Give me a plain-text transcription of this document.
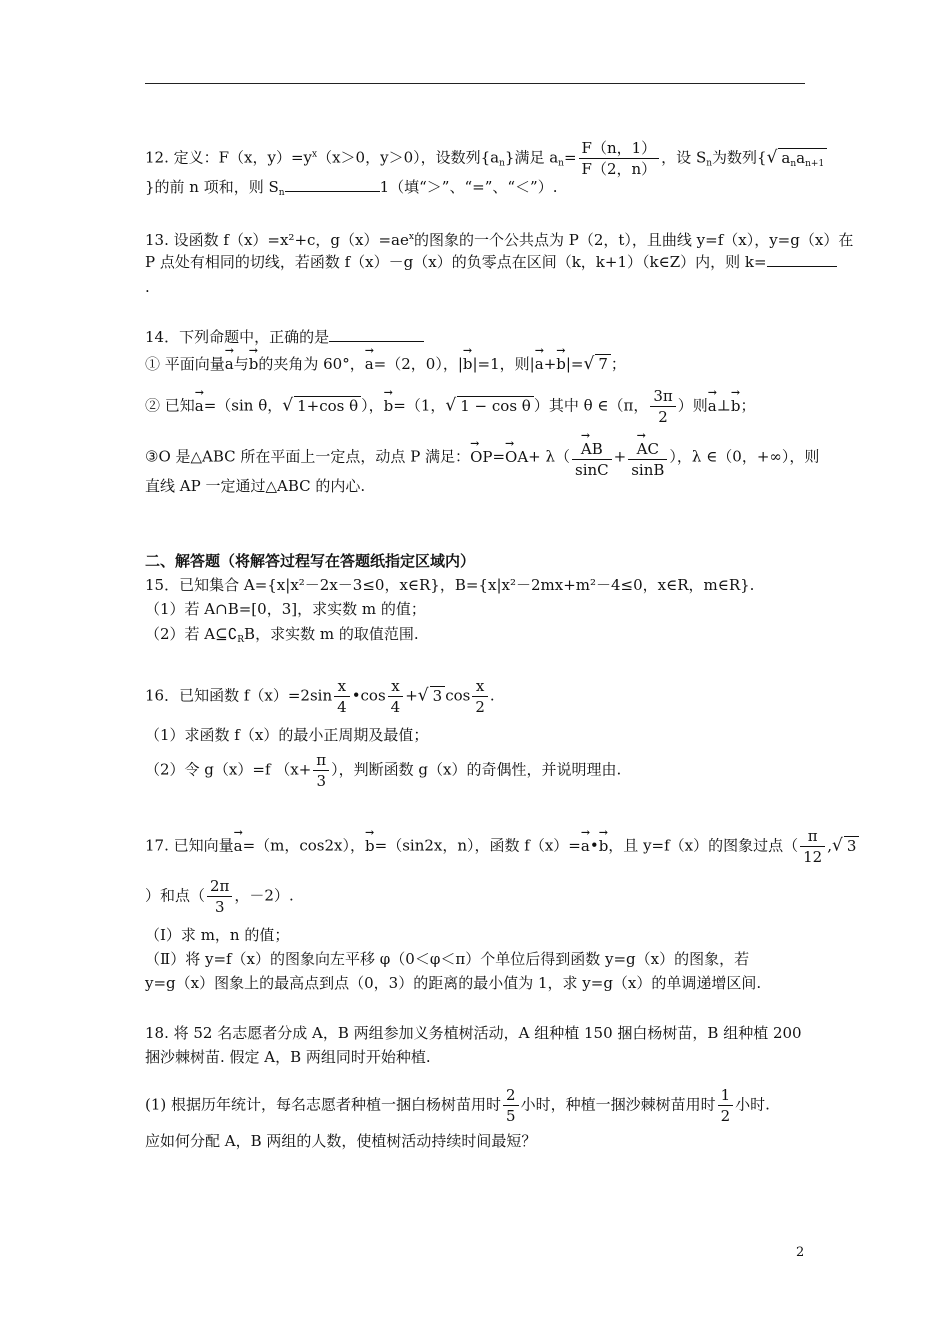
12. 定义：F（x，$y)=y^x(x>0$，y＞0），设数列$\{a_n\}$满足 $a_n= \frac{F(n,1)}{F(2,n)}$ ，设 $S_n$为数列{√ $a_na_{n+1}$
}的前 n 项和，则 $S_n$	1（填“＞”、“=”、“＜”）.
13. 设函数 f（x）=x²+c，$g(x)=ae^x$的图象的一个公共点为 P（2，t），且曲线 y=f（x），y=g（x）在
P 点处有相同的切线，若函数 f（x）－g（x）的负零点在区间（k，k+1）（k∈Z）内，则 k=
.
14．下列命题中，正确的是
① 平面向量→ a与→ b的夹角为 60°，→ a=（2，0），|→ b|=1，则|→ a+→ b|=√ 7 ；
② 已知→ a=（sin θ，√ 1+cos θ ），→ b=（1，√ 1 − cos θ ）其中 θ ∈（π， $\frac{3\pi}{2}$ ）则→ a⊥→ b；
③O 是△ABC 所在平面上一定点，动点 P 满足：→ OP=→ OA+ λ（
→ $\frac{AB}{\sin C}$ +
→ $\frac{AC}{\sin B}$ ），λ ∈（0，+∞），则
直线 AP 一定通过△ABC 的内心.
二、解答题（将解答过程写在答题纸指定区域内）
15．已知集合 A={x|x²－2x－3≤0，x∈R}，B={x|x²－2mx+m²－4≤0，x∈R，m∈R}.
（1）若 A∩B=[0，3]，求实数 m 的值；
（2）若 $A⊆∁_RB$，求实数 m 的取值范围.
16．已知函数 $f(x)=2\sin \frac{x}{4}$ •cos $\frac{x}{4}$ +√ 3 $\cos \frac{x}{2}$ .
（1）求函数 f（x）的最小正周期及最值；
（2）令 g（x）=f （$x+ \frac{\pi}{3}$ ），判断函数 g（x）的奇偶性，并说明理由.
17. 已知向量→ a=（m，cos2x），→ b=（sin2x，n），函数 f（x）=→ a•→ b，且 y=f（x）的图象过点（ $\frac{\pi}{12}$ ,√ 3
）和点（ $\frac{2\pi}{3}$ ，－2）.
（Ⅰ）求 m，n 的值；
（Ⅱ）将 y=f（x）的图象向左平移 φ（0＜φ＜π）个单位后得到函数 y=g（x）的图象，若
y=g（x）图象上的最高点到点（0，3）的距离的最小值为 1，求 y=g（x）的单调递增区间.
18. 将 52 名志愿者分成 A，B 两组参加义务植树活动，A 组种植 150 捆白杨树苗，B 组种植 200
捆沙棘树苗. 假定 A，B 两组同时开始种植.
(1) 根据历年统计，每名志愿者种植一捆白杨树苗用时 $\frac{2}{5}$ 小时，种植一捆沙棘树苗用时 $\frac{1}{2}$ 小时.
应如何分配 A，B 两组的人数，使植树活动持续时间最短？
2
